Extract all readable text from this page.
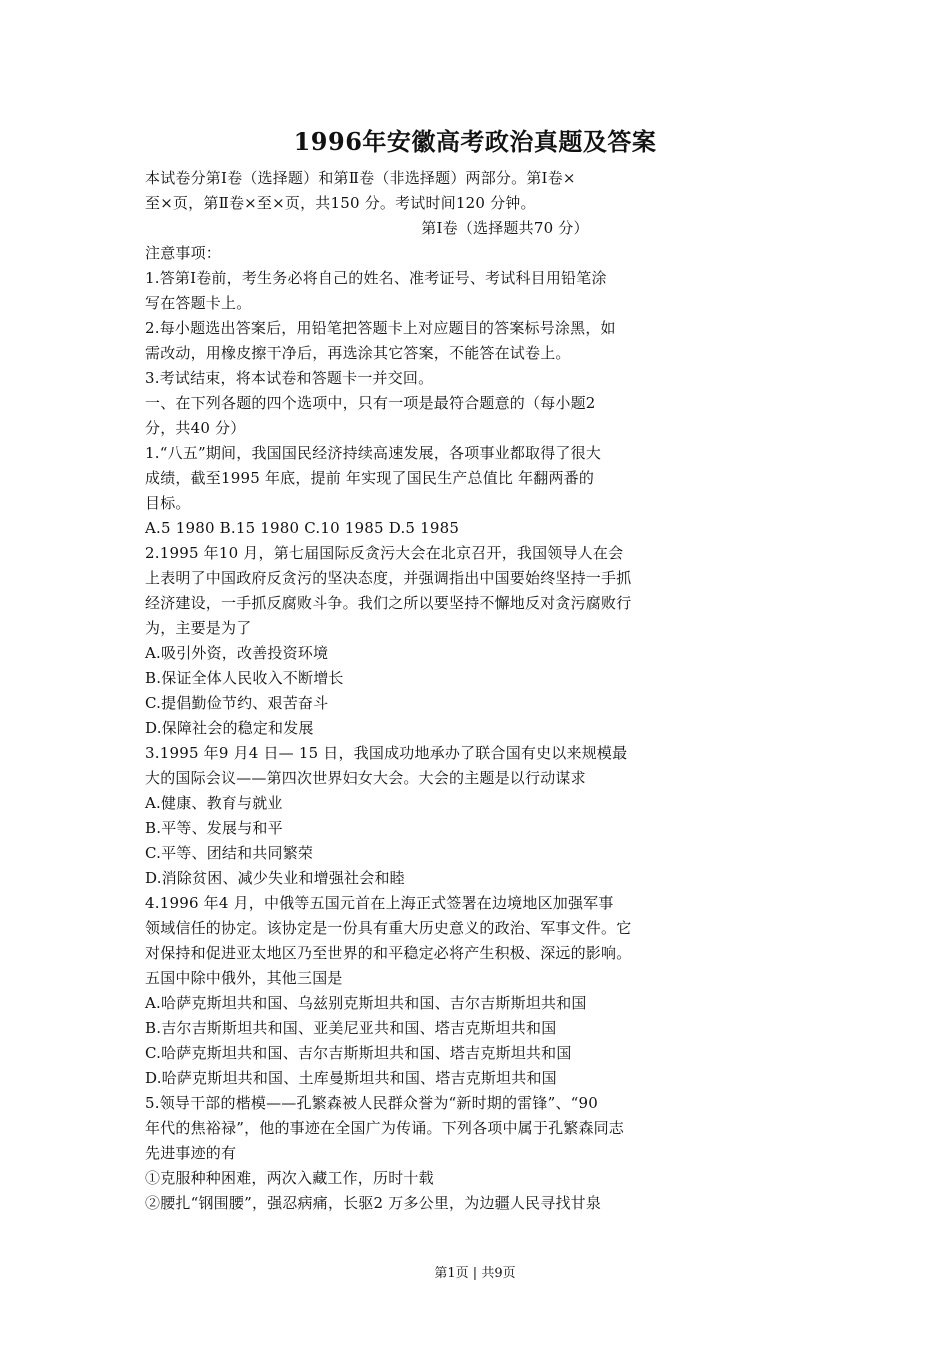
1996年安徽高考政治真题及答案
本试卷分第Ⅰ卷（选择题）和第Ⅱ卷（非选择题）两部分。第Ⅰ卷×
至×页，第Ⅱ卷×至×页，共150 分。考试时间120 分钟。
第Ⅰ卷（选择题共70 分）
注意事项：
1.答第Ⅰ卷前，考生务必将自己的姓名、准考证号、考试科目用铅笔涂
写在答题卡上。
2.每小题选出答案后，用铅笔把答题卡上对应题目的答案标号涂黑，如
需改动，用橡皮擦干净后，再选涂其它答案，不能答在试卷上。
3.考试结束，将本试卷和答题卡一并交回。
一、在下列各题的四个选项中，只有一项是最符合题意的（每小题2
分，共40 分）
1.“八五”期间，我国国民经济持续高速发展，各项事业都取得了很大
成绩，截至1995 年底，提前 年实现了国民生产总值比 年翻两番的
目标。
A.5 1980 B.15 1980 C.10 1985 D.5 1985
2.1995 年10 月，第七届国际反贪污大会在北京召开，我国领导人在会
上表明了中国政府反贪污的坚决态度，并强调指出中国要始终坚持一手抓
经济建设，一手抓反腐败斗争。我们之所以要坚持不懈地反对贪污腐败行
为，主要是为了
A.吸引外资，改善投资环境
B.保证全体人民收入不断增长
C.提倡勤俭节约、艰苦奋斗
D.保障社会的稳定和发展
3.1995 年9 月4 日— 15 日，我国成功地承办了联合国有史以来规模最
大的国际会议——第四次世界妇女大会。大会的主题是以行动谋求
A.健康、教育与就业
B.平等、发展与和平
C.平等、团结和共同繁荣
D.消除贫困、减少失业和增强社会和睦
4.1996 年4 月，中俄等五国元首在上海正式签署在边境地区加强军事
领域信任的协定。该协定是一份具有重大历史意义的政治、军事文件。它
对保持和促进亚太地区乃至世界的和平稳定必将产生积极、深远的影响。
五国中除中俄外，其他三国是
A.哈萨克斯坦共和国、乌兹别克斯坦共和国、吉尔吉斯斯坦共和国
B.吉尔吉斯斯坦共和国、亚美尼亚共和国、塔吉克斯坦共和国
C.哈萨克斯坦共和国、吉尔吉斯斯坦共和国、塔吉克斯坦共和国
D.哈萨克斯坦共和国、土库曼斯坦共和国、塔吉克斯坦共和国
5.领导干部的楷模——孔繁森被人民群众誉为“新时期的雷锋”、“90
年代的焦裕禄”，他的事迹在全国广为传诵。下列各项中属于孔繁森同志
先进事迹的有
①克服种种困难，两次入藏工作，历时十载
②腰扎“钢围腰”，强忍病痛，长驱2 万多公里，为边疆人民寻找甘泉
第1页 | 共9页
